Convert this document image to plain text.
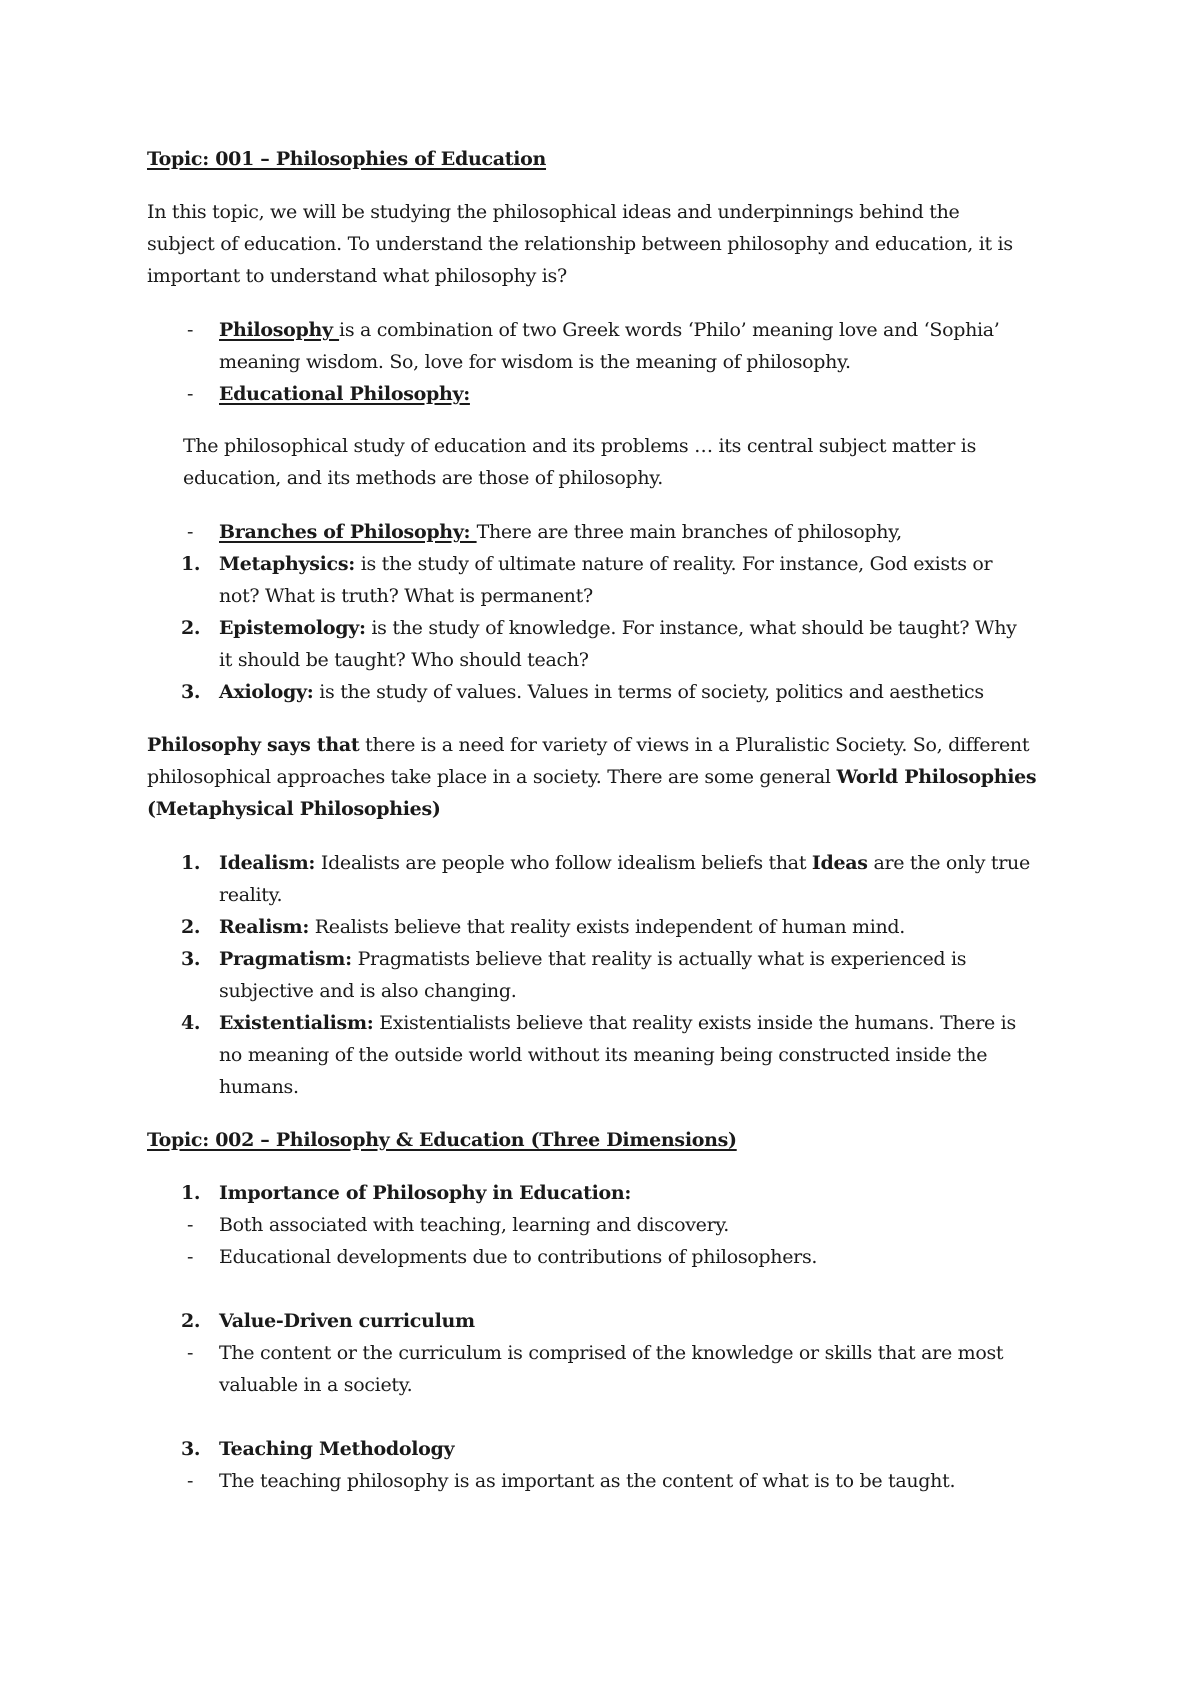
Topic: 001 – Philosophies of Education
In this topic, we will be studying the philosophical ideas and underpinnings behind the
subject of education. To understand the relationship between philosophy and education, it is
important to understand what philosophy is?
- Philosophy is a combination of two Greek words ‘Philo’ meaning love and ‘Sophia’
meaning wisdom. So, love for wisdom is the meaning of philosophy.
- Educational Philosophy:
The philosophical study of education and its problems … its central subject matter is
education, and its methods are those of philosophy.
- Branches of Philosophy: There are three main branches of philosophy,
1. Metaphysics: is the study of ultimate nature of reality. For instance, God exists or
not? What is truth? What is permanent?
2. Epistemology: is the study of knowledge. For instance, what should be taught? Why
it should be taught? Who should teach?
3. Axiology: is the study of values. Values in terms of society, politics and aesthetics
Philosophy says that there is a need for variety of views in a Pluralistic Society. So, different
philosophical approaches take place in a society. There are some general World Philosophies
(Metaphysical Philosophies)
1. Idealism: Idealists are people who follow idealism beliefs that Ideas are the only true
reality.
2. Realism: Realists believe that reality exists independent of human mind.
3. Pragmatism: Pragmatists believe that reality is actually what is experienced is
subjective and is also changing.
4. Existentialism: Existentialists believe that reality exists inside the humans. There is
no meaning of the outside world without its meaning being constructed inside the
humans.
Topic: 002 – Philosophy & Education (Three Dimensions)
1. Importance of Philosophy in Education:
- Both associated with teaching, learning and discovery.
- Educational developments due to contributions of philosophers.
2. Value-Driven curriculum
- The content or the curriculum is comprised of the knowledge or skills that are most
valuable in a society.
3. Teaching Methodology
- The teaching philosophy is as important as the content of what is to be taught.
